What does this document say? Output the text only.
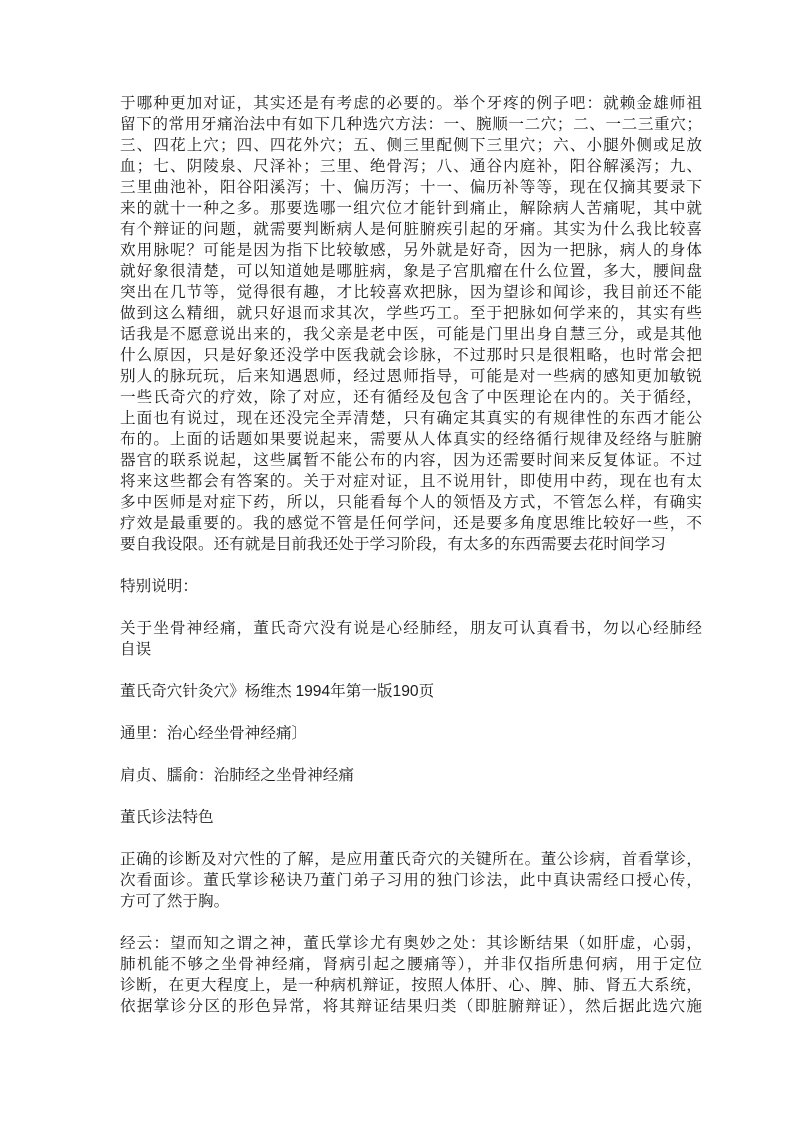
于哪种更加对证，其实还是有考虑的必要的。举个牙疼的例子吧：就赖金雄师祖
留下的常用牙痛治法中有如下几种选穴方法：一、腕顺一二穴；二、一二三重穴；
三、四花上穴；四、四花外穴；五、侧三里配侧下三里穴；六、小腿外侧或足放
血；七、阴陵泉、尺泽补；三里、绝骨泻；八、通谷内庭补，阳谷解溪泻；九、
三里曲池补，阳谷阳溪泻；十、偏历泻；十一、偏历补等等，现在仅摘其要录下
来的就十一种之多。那要选哪一组穴位才能针到痛止，解除病人苦痛呢，其中就
有个辩证的问题，就需要判断病人是何脏腑疾引起的牙痛。其实为什么我比较喜
欢用脉呢？可能是因为指下比较敏感，另外就是好奇，因为一把脉，病人的身体
就好象很清楚，可以知道她是哪脏病，象是子宫肌瘤在什么位置，多大，腰间盘
突出在几节等，觉得很有趣，才比较喜欢把脉，因为望诊和闻诊，我目前还不能
做到这么精细，就只好退而求其次，学些巧工。至于把脉如何学来的，其实有些
话我是不愿意说出来的，我父亲是老中医，可能是门里出身自慧三分，或是其他
什么原因，只是好象还没学中医我就会诊脉，不过那时只是很粗略，也时常会把
别人的脉玩玩，后来知遇恩师，经过恩师指导，可能是对一些病的感知更加敏锐
一些氏奇穴的疗效，除了对应，还有循经及包含了中医理论在内的。关于循经，
上面也有说过，现在还没完全弄清楚，只有确定其真实的有规律性的东西才能公
布的。上面的话题如果要说起来，需要从人体真实的经络循行规律及经络与脏腑
器官的联系说起，这些属暂不能公布的内容，因为还需要时间来反复体证。不过
将来这些都会有答案的。关于对症对证，且不说用针，即使用中药，现在也有太
多中医师是对症下药，所以，只能看每个人的领悟及方式，不管怎么样，有确实
疗效是最重要的。我的感觉不管是任何学问，还是要多角度思维比较好一些，不
要自我设限。还有就是目前我还处于学习阶段，有太多的东西需要去花时间学习
特别说明：
关于坐骨神经痛，董氏奇穴没有说是心经肺经，朋友可认真看书，勿以心经肺经
自误
董氏奇穴针灸穴》杨维杰 1994年第一版190页
通里：治心经坐骨神经痛〕
肩贞、臑俞：治肺经之坐骨神经痛
董氏诊法特色
正确的诊断及对穴性的了解，是应用董氏奇穴的关键所在。董公诊病，首看掌诊，
次看面诊。董氏掌诊秘诀乃董门弟子习用的独门诊法，此中真诀需经口授心传，
方可了然于胸。
经云：望而知之谓之神，董氏掌诊尤有奥妙之处：其诊断结果（如肝虚，心弱，
肺机能不够之坐骨神经痛，肾病引起之腰痛等），并非仅指所患何病，用于定位
诊断，在更大程度上，是一种病机辩证，按照人体肝、心、脾、肺、肾五大系统，
依据掌诊分区的形色异常，将其辩证结果归类（即脏腑辩证），然后据此选穴施
